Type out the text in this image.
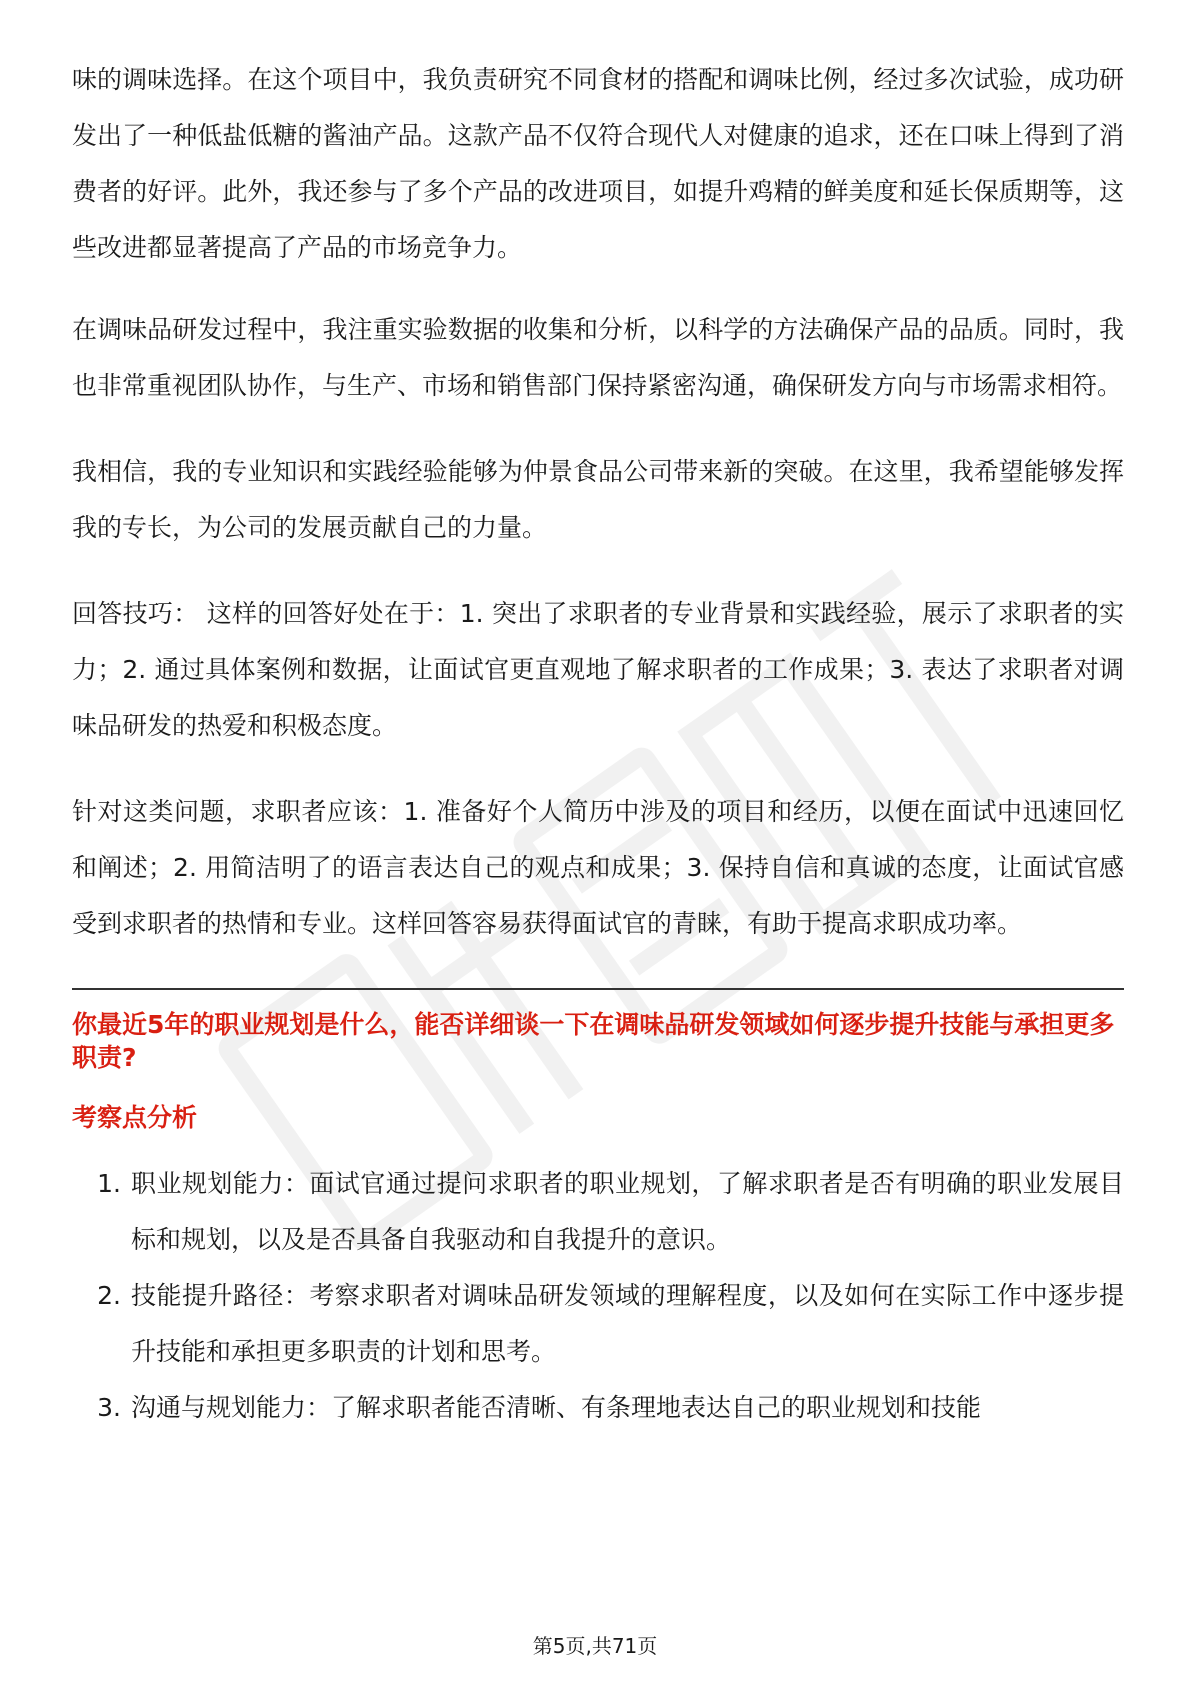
味的调味选择。在这个项目中，我负责研究不同食材的搭配和调味比例，经过多次试验，成功研发出了一种低盐低糖的酱油产品。这款产品不仅符合现代人对健康的追求，还在口味上得到了消费者的好评。此外，我还参与了多个产品的改进项目，如提升鸡精的鲜美度和延长保质期等，这些改进都显著提高了产品的市场竞争力。

在调味品研发过程中，我注重实验数据的收集和分析，以科学的方法确保产品的品质。同时，我也非常重视团队协作，与生产、市场和销售部门保持紧密沟通，确保研发方向与市场需求相符。

我相信，我的专业知识和实践经验能够为仲景食品公司带来新的突破。在这里，我希望能够发挥我的专长，为公司的发展贡献自己的力量。

回答技巧： 这样的回答好处在于：1. 突出了求职者的专业背景和实践经验，展示了求职者的实力；2. 通过具体案例和数据，让面试官更直观地了解求职者的工作成果；3. 表达了求职者对调味品研发的热爱和积极态度。

针对这类问题，求职者应该：1. 准备好个人简历中涉及的项目和经历，以便在面试中迅速回忆和阐述；2. 用简洁明了的语言表达自己的观点和成果；3. 保持自信和真诚的态度，让面试官感受到求职者的热情和专业。这样回答容易获得面试官的青睐，有助于提高求职成功率。

你最近5年的职业规划是什么，能否详细谈一下在调味品研发领域如何逐步提升技能与承担更多职责?
考察点分析
1. 职业规划能力：面试官通过提问求职者的职业规划，了解求职者是否有明确的职业发展目标和规划，以及是否具备自我驱动和自我提升的意识。
2. 技能提升路径：考察求职者对调味品研发领域的理解程度，以及如何在实际工作中逐步提升技能和承担更多职责的计划和思考。
3. 沟通与规划能力：了解求职者能否清晰、有条理地表达自己的职业规划和技能
第5页,共71页
